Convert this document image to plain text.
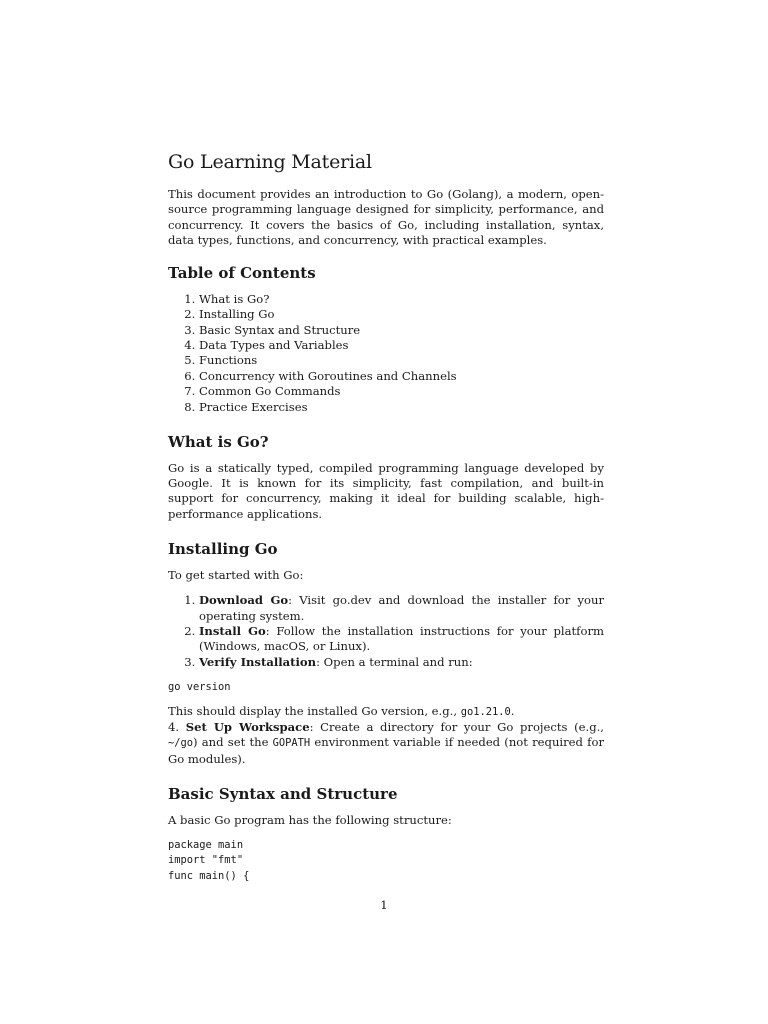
Go Learning Material

This document provides an introduction to Go (Golang), a modern, open-source programming language designed for simplicity, performance, and concurrency. It covers the basics of Go, including installation, syntax, data types, functions, and concurrency, with practical examples.

Table of Contents
1. What is Go?
2. Installing Go
3. Basic Syntax and Structure
4. Data Types and Variables
5. Functions
6. Concurrency with Goroutines and Channels
7. Common Go Commands
8. Practice Exercises
What is Go?

Go is a statically typed, compiled programming language developed by Google. It is known for its simplicity, fast compilation, and built-in support for concurrency, making it ideal for building scalable, high-performance applications.

Installing Go

To get started with Go:

1. Download Go: Visit go.dev and download the installer for your operating system.
2. Install Go: Follow the installation instructions for your platform (Windows, macOS, or Linux).
3. Verify Installation: Open a terminal and run:
go version

This should display the installed Go version, e.g., go1.21.0.

4. Set Up Workspace: Create a directory for your Go projects (e.g., ~/go) and set the GOPATH environment variable if needed (not required for Go modules).

Basic Syntax and Structure

A basic Go program has the following structure:

package main
import "fmt"
func main() {
1
